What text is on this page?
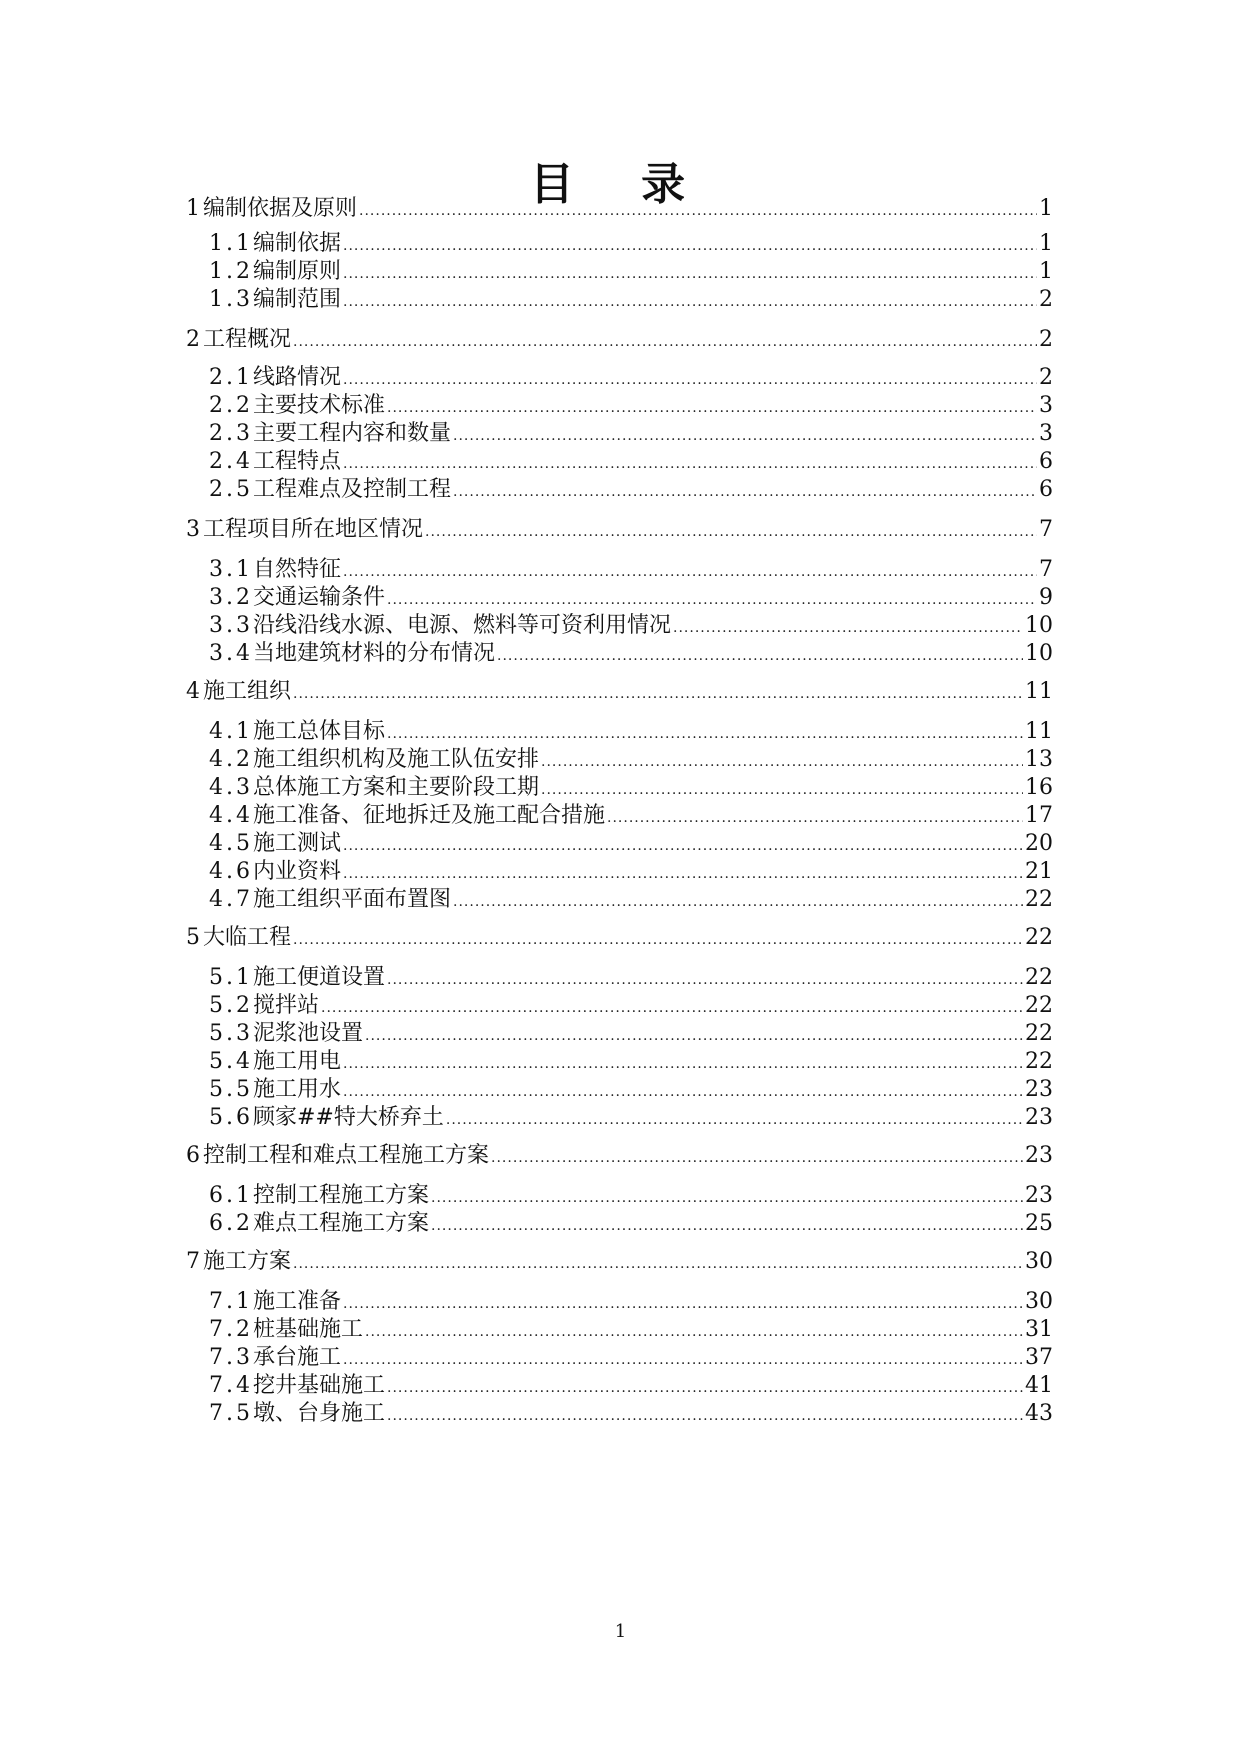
目 录
1 编制依据及原则 .....	1
1.1 编制依据 .....	1
1.2 编制原则 .....	1
1.3 编制范围 .....	2
2 工程概况 .....	2
2.1 线路情况 .....	2
2.2 主要技术标准 .....	3
2.3 主要工程内容和数量 .....	3
2.4 工程特点 .....	6
2.5 工程难点及控制工程 .....	6
3 工程项目所在地区情况 .....	7
3.1 自然特征 .....	7
3.2 交通运输条件 .....	9
3.3 沿线沿线水源、电源、燃料等可资利用情况 .....	10
3.4 当地建筑材料的分布情况 .....	10
4 施工组织 .....	11
4.1 施工总体目标 .....	11
4.2 施工组织机构及施工队伍安排 .....	13
4.3 总体施工方案和主要阶段工期 .....	16
4.4 施工准备、征地拆迁及施工配合措施 .....	17
4.5 施工测试 .....	20
4.6 内业资料 .....	21
4.7 施工组织平面布置图 .....	22
5 大临工程 .....	22
5.1 施工便道设置 .....	22
5.2 搅拌站 .....	22
5.3 泥浆池设置 .....	22
5.4 施工用电 .....	22
5.5 施工用水 .....	23
5.6 顾家##特大桥弃土 .....	23
6 控制工程和难点工程施工方案 .....	23
6.1 控制工程施工方案 .....	23
6.2 难点工程施工方案 .....	25
7 施工方案 .....	30
7.1 施工准备 .....	30
7.2 桩基础施工 .....	31
7.3 承台施工 .....	37
7.4 挖井基础施工 .....	41
7.5 墩、台身施工 .....	43
1
